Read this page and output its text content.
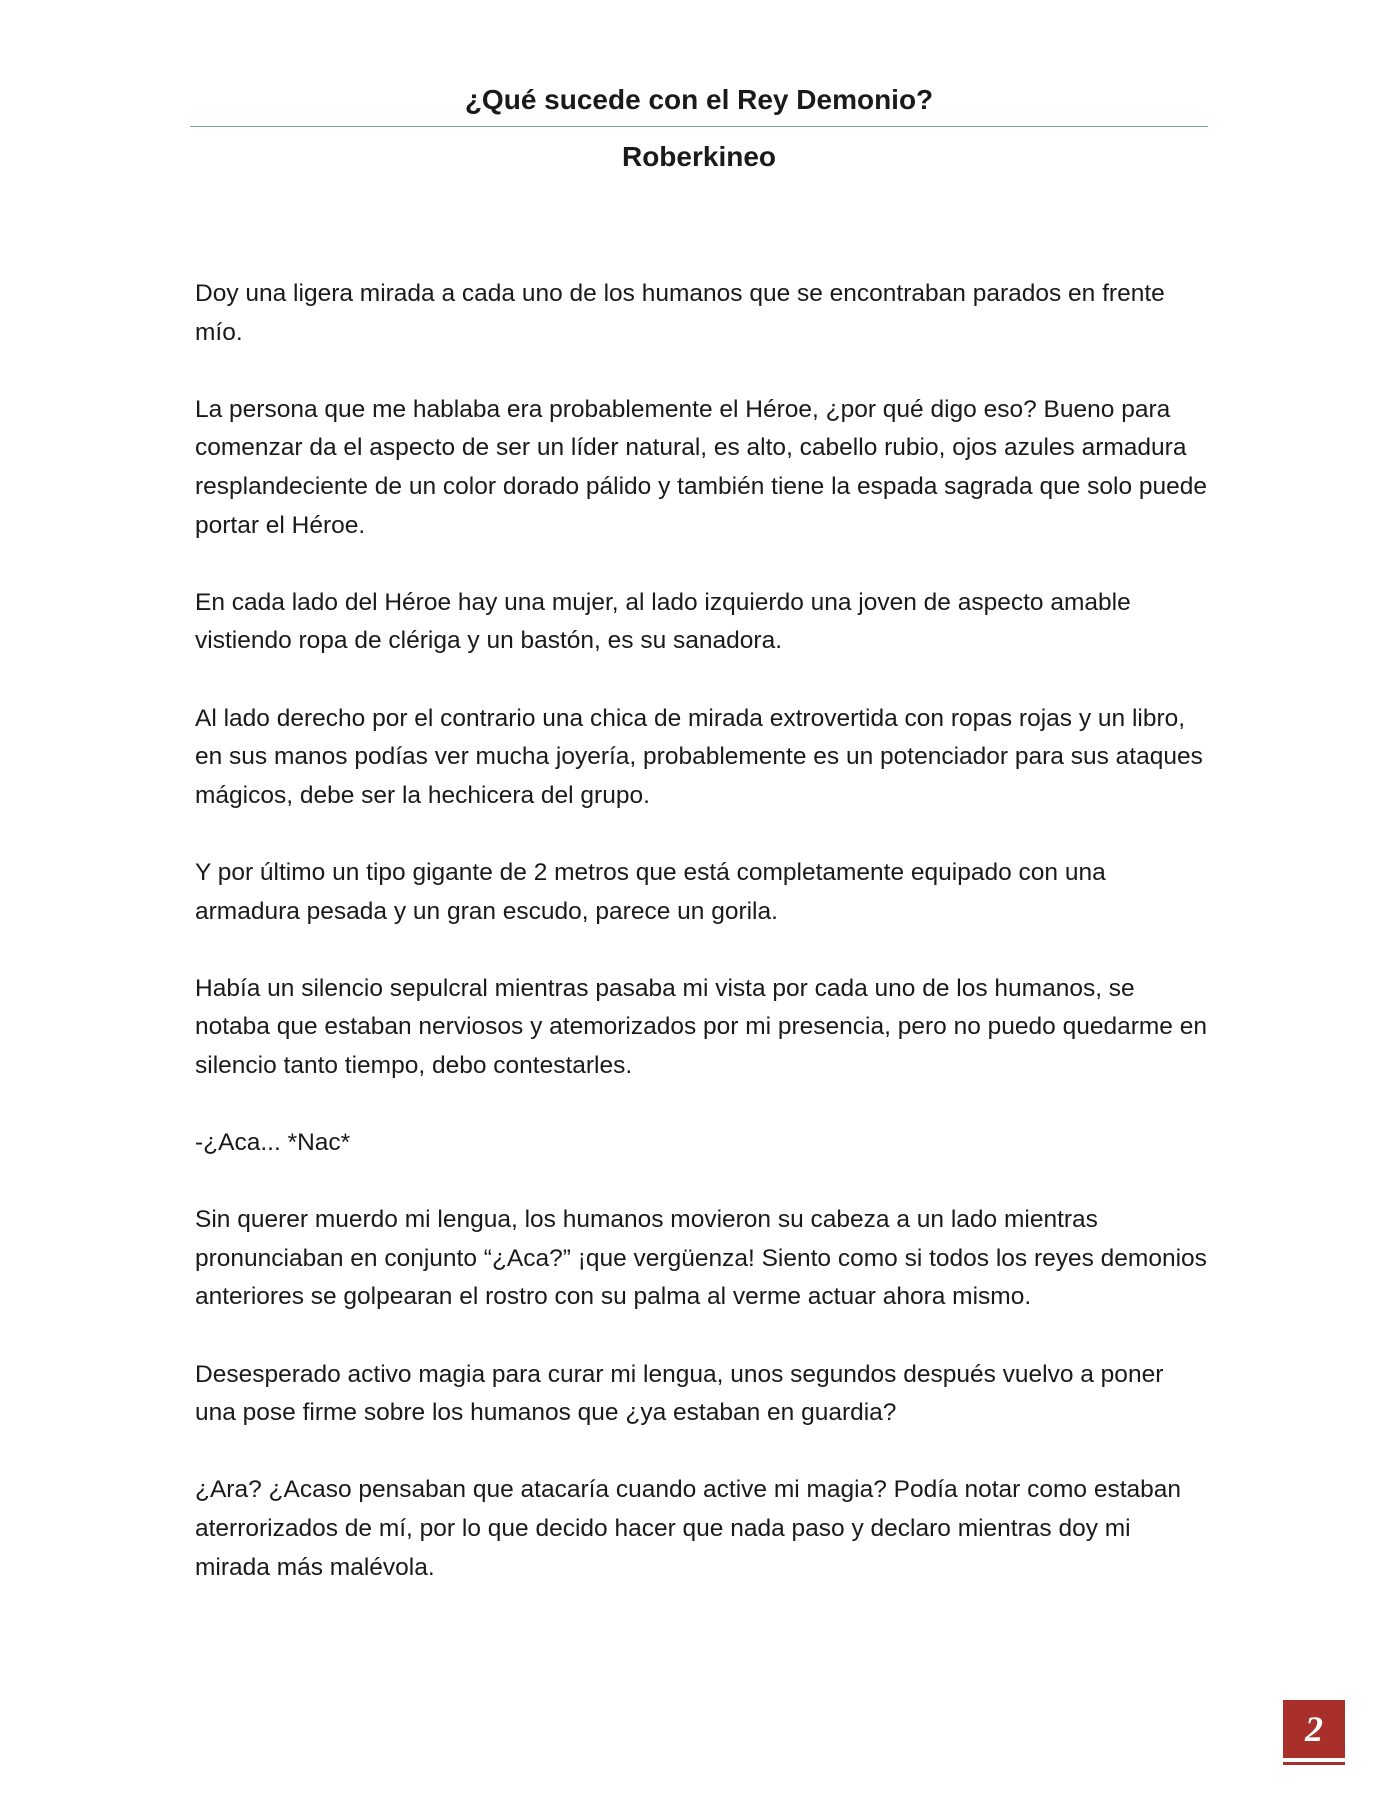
¿Qué sucede con el Rey Demonio?
Roberkineo

Doy una ligera mirada a cada uno de los humanos que se encontraban parados en frente mío.

La persona que me hablaba era probablemente el Héroe, ¿por qué digo eso? Bueno para comenzar da el aspecto de ser un líder natural, es alto, cabello rubio, ojos azules armadura resplandeciente de un color dorado pálido y también tiene la espada sagrada que solo puede portar el Héroe.

En cada lado del Héroe hay una mujer, al lado izquierdo una joven de aspecto amable vistiendo ropa de clériga y un bastón, es su sanadora.

Al lado derecho por el contrario una chica de mirada extrovertida con ropas rojas y un libro, en sus manos podías ver mucha joyería, probablemente es un potenciador para sus ataques mágicos, debe ser la hechicera del grupo.

Y por último un tipo gigante de 2 metros que está completamente equipado con una armadura pesada y un gran escudo, parece un gorila.

Había un silencio sepulcral mientras pasaba mi vista por cada uno de los humanos, se notaba que estaban nerviosos y atemorizados por mi presencia, pero no puedo quedarme en silencio tanto tiempo, debo contestarles.

-¿Aca... *Nac*

Sin querer muerdo mi lengua, los humanos movieron su cabeza a un lado mientras pronunciaban en conjunto “¿Aca?” ¡que vergüenza! Siento como si todos los reyes demonios anteriores se golpearan el rostro con su palma al verme actuar ahora mismo.

Desesperado activo magia para curar mi lengua, unos segundos después vuelvo a poner una pose firme sobre los humanos que ¿ya estaban en guardia?

¿Ara? ¿Acaso pensaban que atacaría cuando active mi magia? Podía notar como estaban aterrorizados de mí, por lo que decido hacer que nada paso y declaro mientras doy mi mirada más malévola.

2
